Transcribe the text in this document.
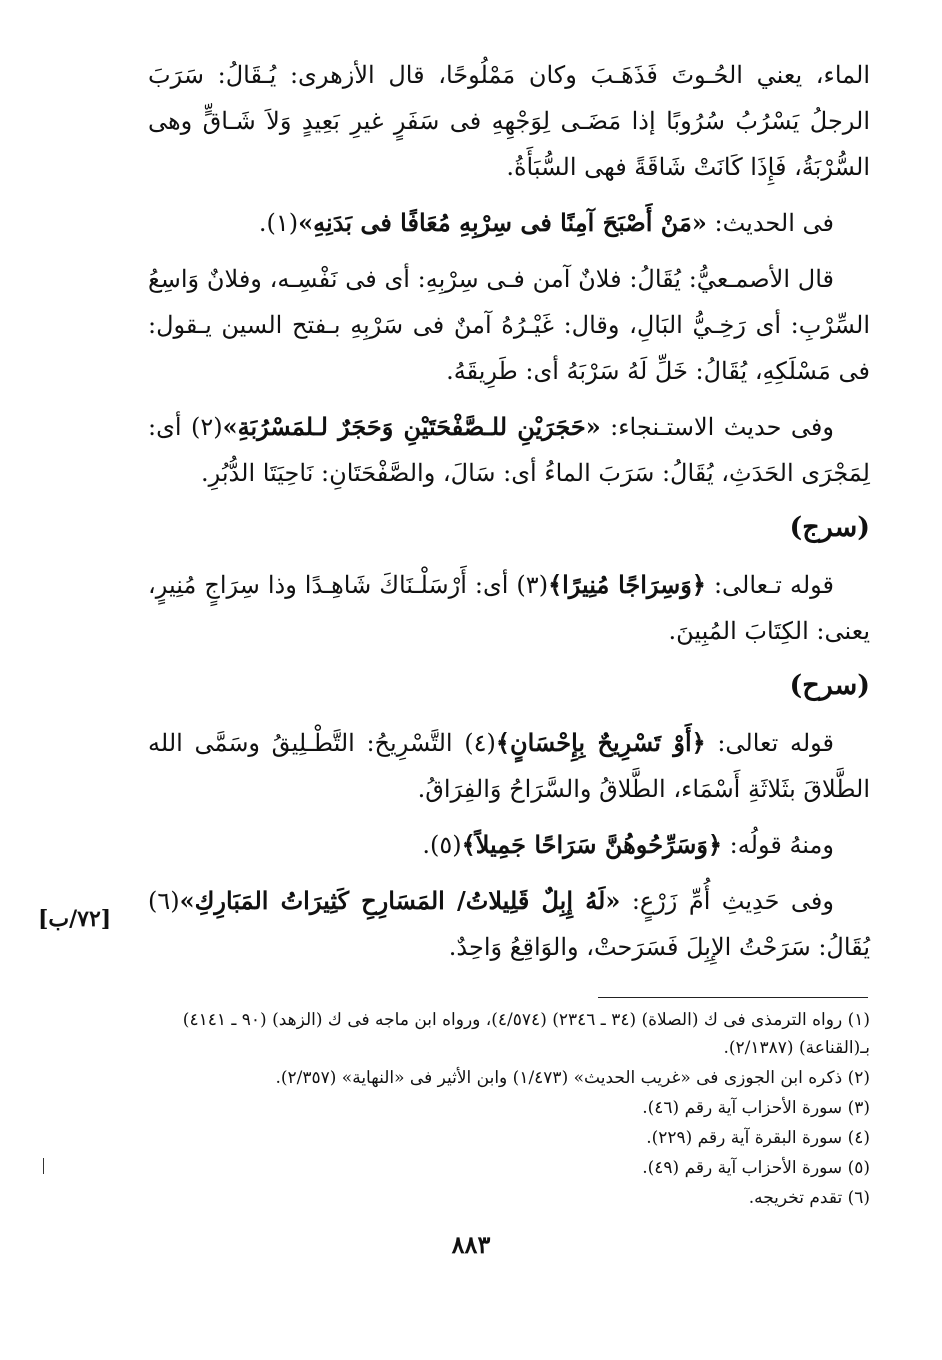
الماء، يعني الحُـوتَ فَذَهَـبَ وكان مَمْلُوحًا، قال الأزهرى: يُـقَالُ: سَرَبَ الرجلُ يَسْرُبُ سُرُوبًا إذا مَضَـى لِوَجْهِهِ فى سَفَرٍ غيرِ بَعِيدٍ وَلاَ شَـاقٍّ وهى السُّرْبَةُ، فَإِذَا كَانَتْ شَاقَةً فهى السُّبَأَةُ.

فى الحديث: «مَنْ أَصْبَحَ آمِنًا فى سِرْبِهِ مُعَافًا فى بَدَنِهِ»(١).

قال الأصمـعيُّ: يُقَالُ: فلانٌ آمن فـى سِرْبِهِ: أى فى نَفْسِـه، وفلانٌ وَاسِعُ السِّرْبِ: أى رَخِـيُّ البَالِ، وقال: غَيْـرُهُ آمنٌ فى سَرْبِهِ بـفتح السين يـقول: فى مَسْلَكِهِ، يُقَالُ: خَلِّ لَهُ سَرْبَهُ أى: طَرِيقَهُ.

وفى حديث الاستـنجاء: «حَجَرَيْنِ للـصَّفْحَتَيْنِ وَحَجَرٌ لـلمَسْرُبَةِ»(٢) أى: لِمَجْرَى الحَدَثِ، يُقَالُ: سَرَبَ الماءُ أى: سَالَ، والصَّفْحَتَانِ: نَاحِيَتَا الدُّبُرِ.

(سرج)

قوله تـعالى: ﴿وَسِرَاجًا مُنِيرًا﴾(٣) أى: أَرْسَلْـنَاكَ شَاهِـدًا وذا سِرَاجٍ مُنِيرٍ، يعنى: الكِتَابَ المُبِينَ.

(سرح)

قوله تعالى: ﴿أَوْ تَسْرِيحٌ بِإِحْسَانٍ﴾(٤) التَّسْرِيحُ: التَّطْـلِيقُ وسَمَّى الله الطَّلاقَ بثَلاثَةِ أَسْمَاء، الطَّلاقُ والسَّرَاحُ وَالفِرَاقُ.

ومنهُ قولُه: ﴿وَسَرِّحُوهُنَّ سَرَاحًا جَمِيلاً﴾(٥).

وفى حَدِيثِ أُمِّ زَرْعٍ: «لَهُ إِبِلٌ قَلِيلاتُ/ المَسَارِحِ كَثِيرَاتُ المَبَارِكِ»(٦) يُقَالُ: سَرَحْتُ الإِبِلَ فَسَرَحتْ، والوَاقِعُ وَاحِدٌ.

[٧٢/ب]

(١) رواه الترمذى فى ك (الصلاة) (٣٤ ـ ٢٣٤٦) (٤/٥٧٤)، ورواه ابن ماجه فى ك (الزهد) (٩٠ ـ ٤١٤١) بـ(القناعة) (٢/١٣٨٧).

(٢) ذكره ابن الجوزى فى «غريب الحديث» (١/٤٧٣) وابن الأثير فى «النهاية» (٢/٣٥٧).

(٣) سورة الأحزاب آية رقم (٤٦).

(٤) سورة البقرة آية رقم (٢٢٩).

(٥) سورة الأحزاب آية رقم (٤٩).

(٦) تقدم تخريجه.

٨٨٣
